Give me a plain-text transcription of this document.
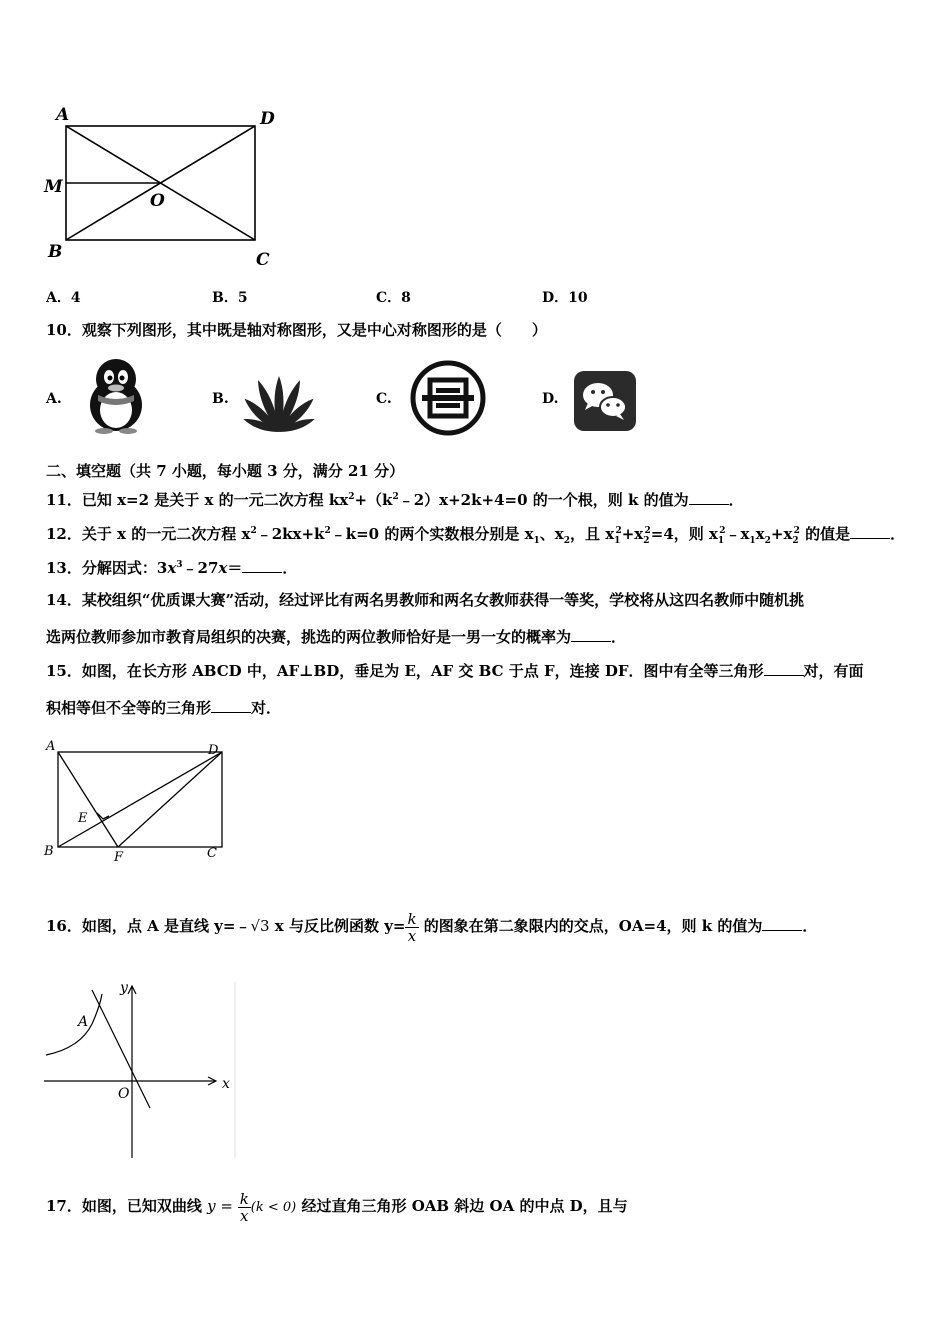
A	D
M
O
B	C
A．4	B．5	C．8	D．10
10．观察下列图形，其中既是轴对称图形，又是中心对称图形的是（　　）
A.	B.	C.	D.
二、填空题（共 7 小题，每小题 3 分，满分 21 分）
11．已知 x=2 是关于 x 的一元二次方程 $kx^2+(k^2﹣2)x+2k+4=0$ 的一个根，则 k 的值为	．
12．关于 x 的一元二次方程 $x^2﹣2kx+k^2﹣k=0$ 的两个实数根分别是 $x_1$、$x_2$，且 $x_1^2+x_2^2=4$，则 $x_1^2﹣x_1x_2+x_2^2$ 的值是	．
13．分解因式：$3x^3﹣27x=$	．
14．某校组织“优质课大赛”活动，经过评比有两名男教师和两名女教师获得一等奖，学校将从这四名教师中随机挑
选两位教师参加市教育局组织的决赛，挑选的两位教师恰好是一男一女的概率为	．
15．如图，在长方形 ABCD 中，AF⊥BD，垂足为 E，AF 交 BC 于点 F，连接 DF．图中有全等三角形	对，有面
积相等但不全等的三角形	对．
A	D
E
B	F	C
16．如图，点 A 是直线 y=﹣√3 x 与反比例函数 $y= \frac{k}{x}$ 的图象在第二象限内的交点，OA=4，则 k 的值为	．
y
A
O
x
17．如图，已知双曲线 $y = \frac{k}{x} (k < 0)$ 经过直角三角形 OAB 斜边 OA 的中点 D，且与
